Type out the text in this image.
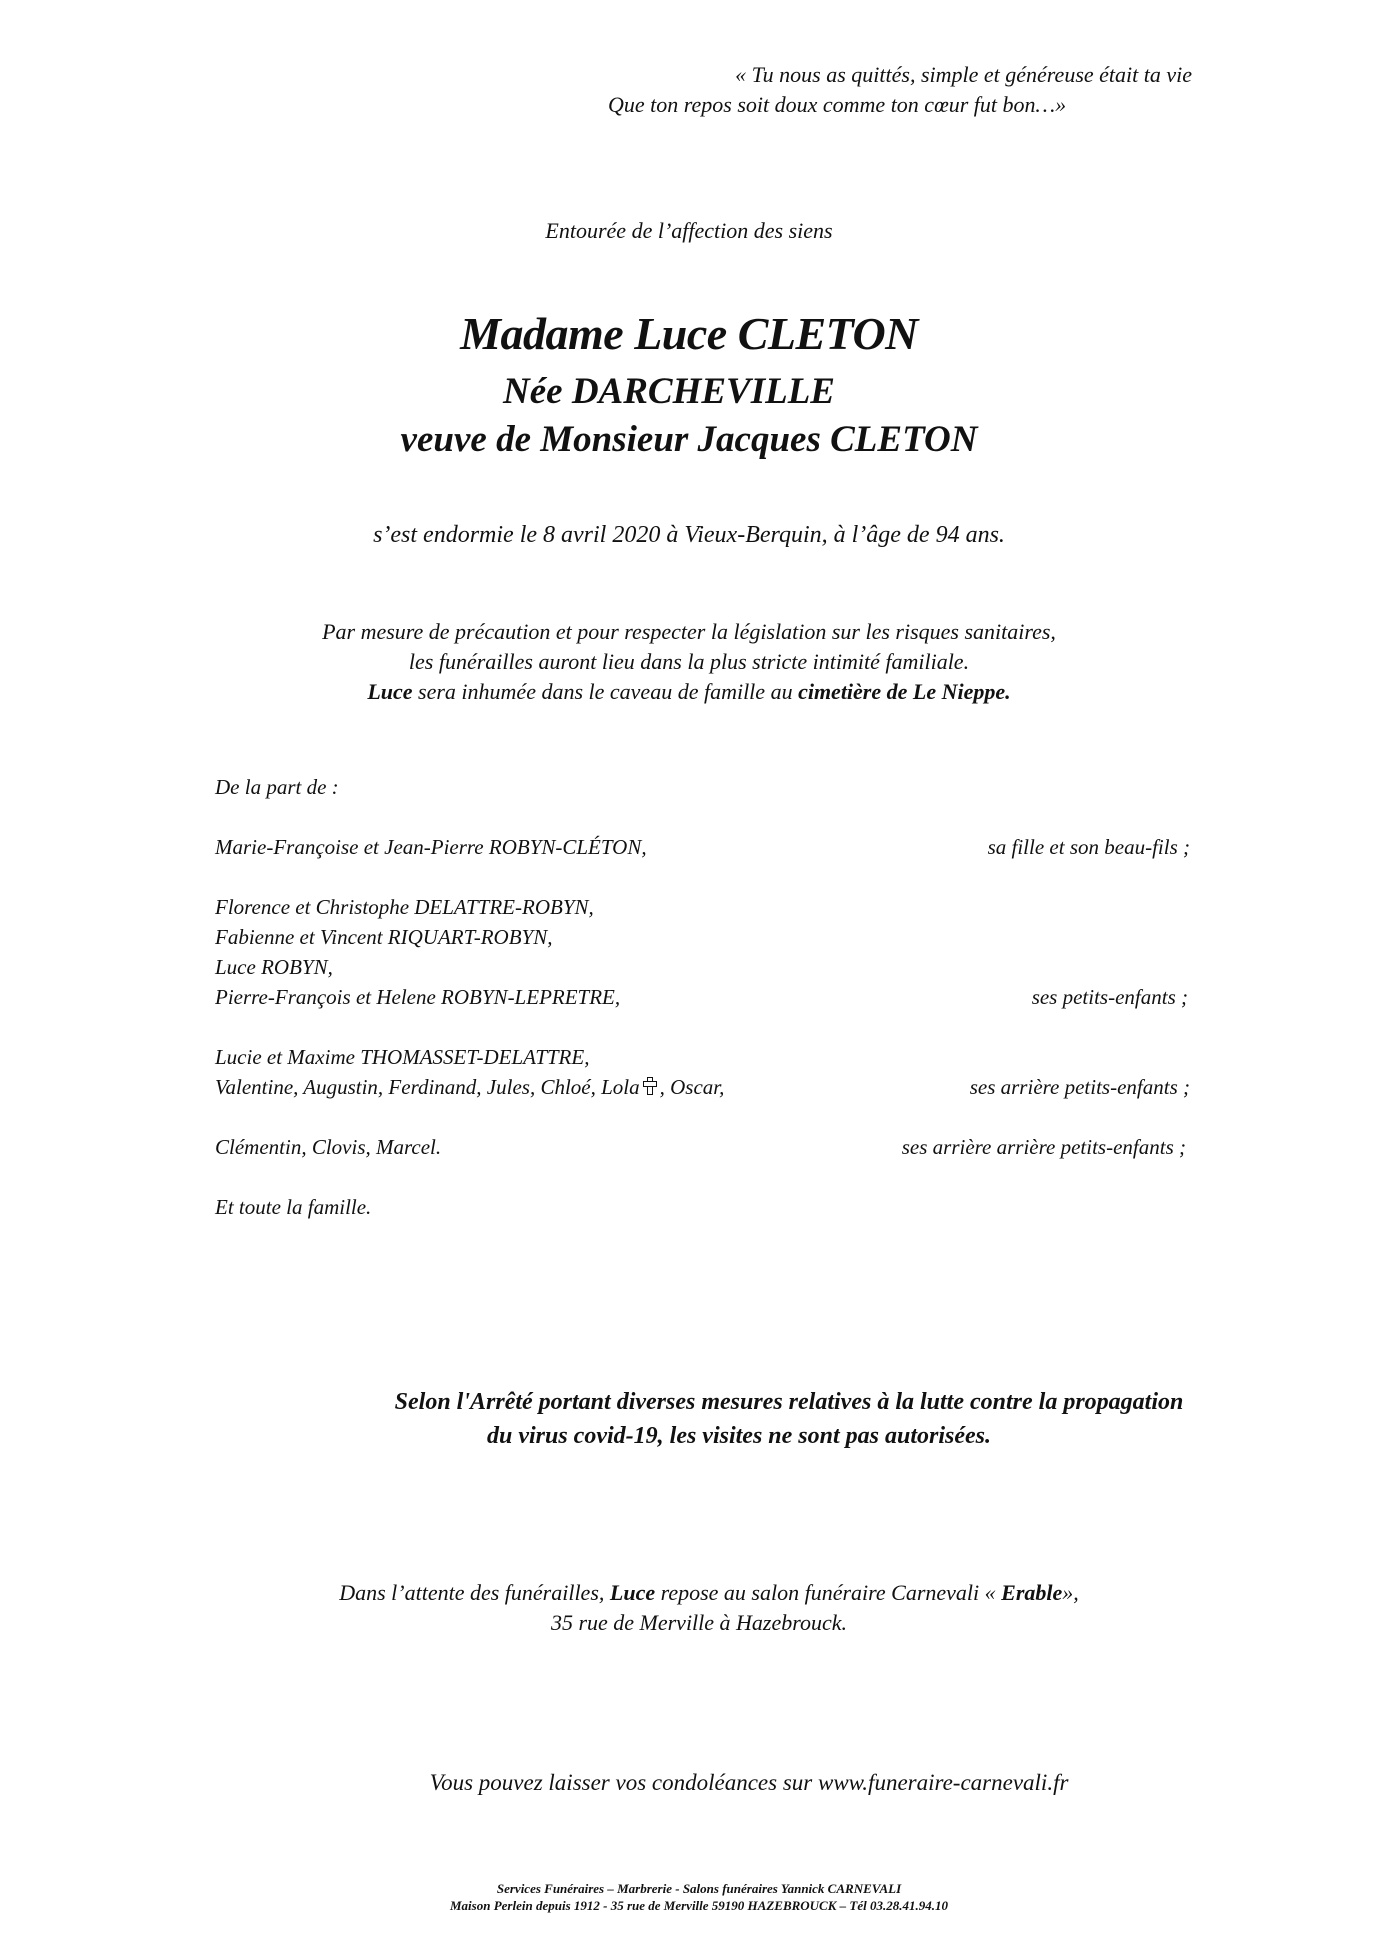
« Tu nous as quittés, simple et généreuse était ta vie
Que ton repos soit doux comme ton cœur fut bon…»
Entourée de l’affection des siens
Madame Luce CLETON
Née DARCHEVILLE
veuve de Monsieur Jacques CLETON
s’est endormie le 8 avril 2020 à Vieux-Berquin, à l’âge de 94 ans.
Par mesure de précaution et pour respecter la législation sur les risques sanitaires,
les funérailles auront lieu dans la plus stricte intimité familiale.
Luce sera inhumée dans le caveau de famille au cimetière de Le Nieppe.
De la part de :
Marie-Françoise et Jean-Pierre ROBYN-CLÉTON,	sa fille et son beau-fils ;
Florence et Christophe DELATTRE-ROBYN,
Fabienne et Vincent RIQUART-ROBYN,
Luce ROBYN,
Pierre-François et Helene ROBYN-LEPRETRE,	ses petits-enfants ;
Lucie et Maxime THOMASSET-DELATTRE,
Valentine, Augustin, Ferdinand, Jules, Chloé, Lola , Oscar,	ses arrière petits-enfants ;
Clémentin, Clovis, Marcel.	ses arrière arrière petits-enfants ;
Et toute la famille.
Selon l'Arrêté portant diverses mesures relatives à la lutte contre la propagation
du virus covid-19, les visites ne sont pas autorisées.
Dans l’attente des funérailles, Luce repose au salon funéraire Carnevali « Erable»,
35 rue de Merville à Hazebrouck.
Vous pouvez laisser vos condoléances sur www.funeraire-carnevali.fr
Services Funéraires – Marbrerie - Salons funéraires Yannick CARNEVALI
Maison Perlein depuis 1912 - 35 rue de Merville 59190 HAZEBROUCK – Tél 03.28.41.94.10
